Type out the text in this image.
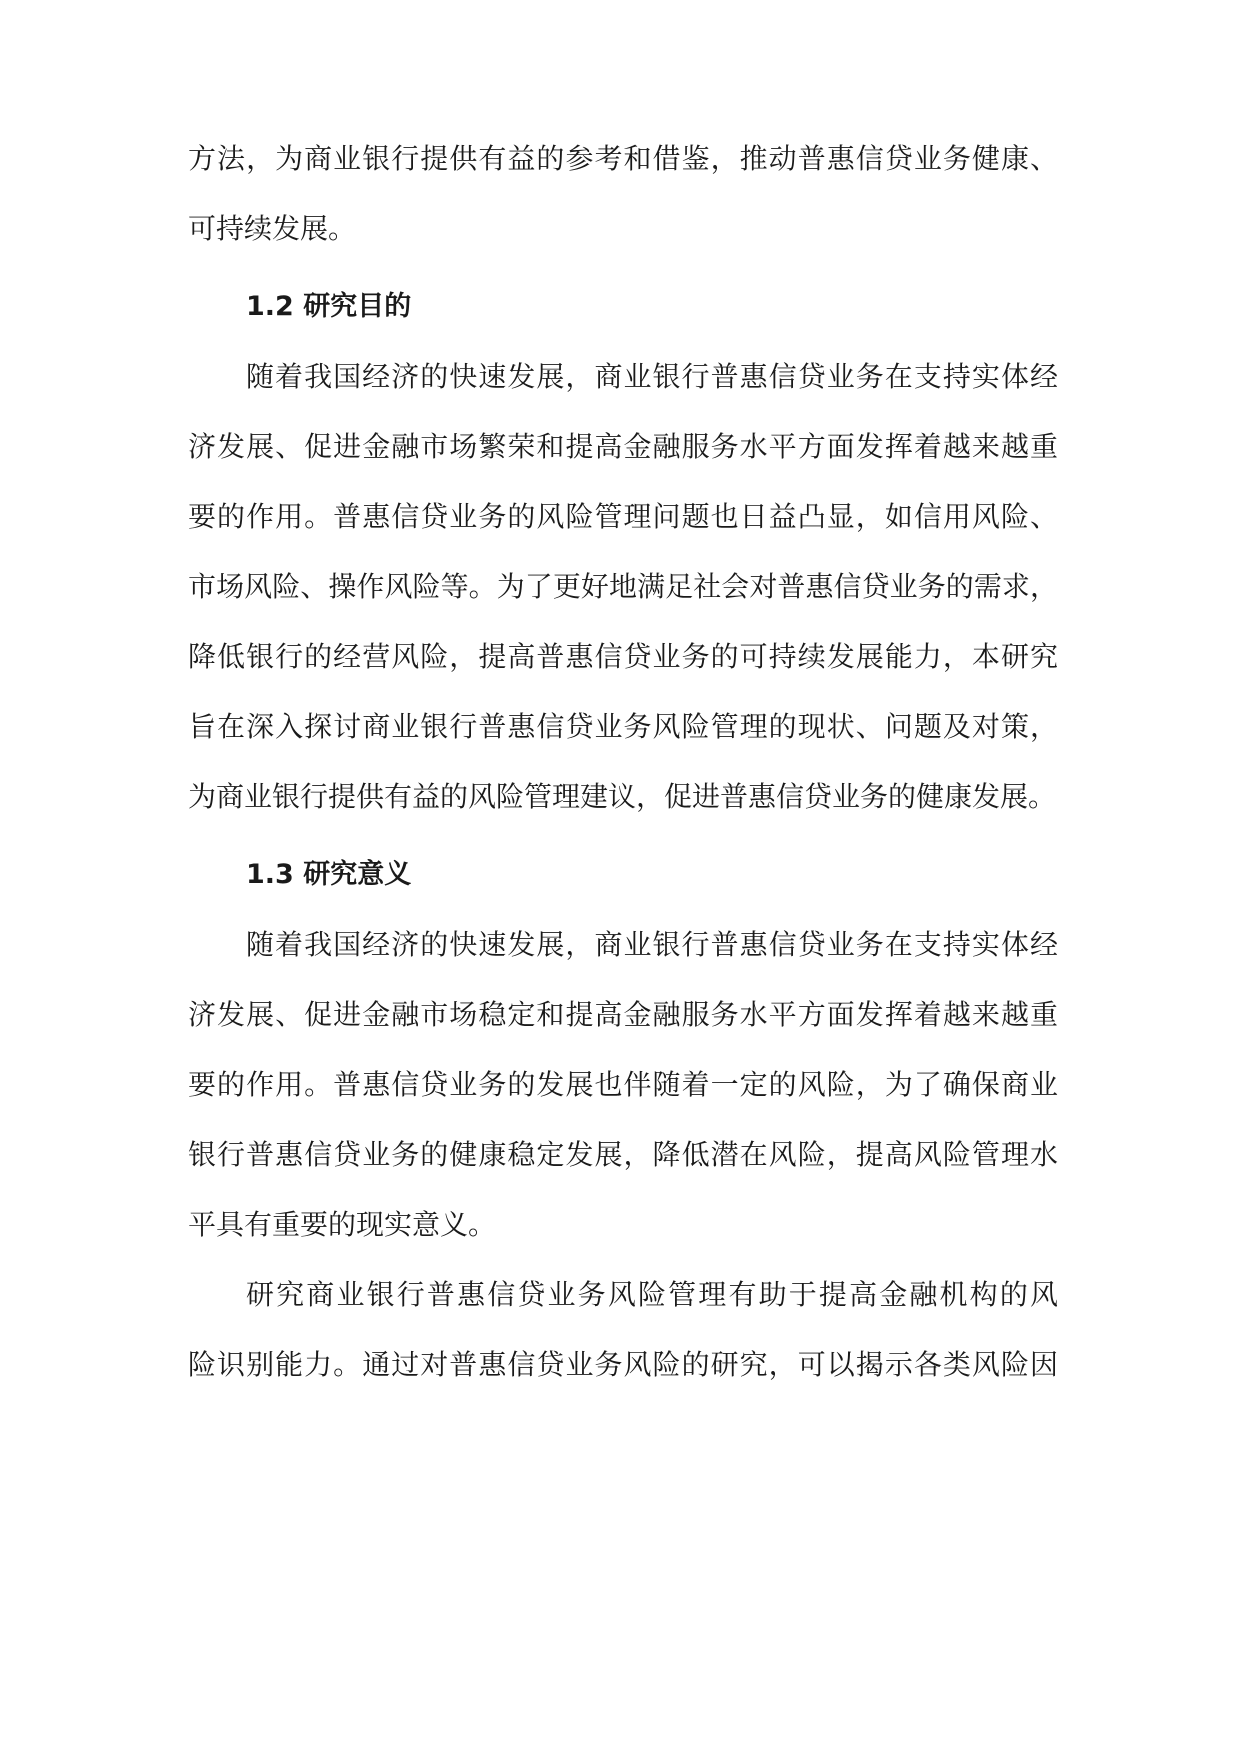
方法，为商业银行提供有益的参考和借鉴，推动普惠信贷业务健康、
可持续发展。
1.2 研究目的
随着我国经济的快速发展，商业银行普惠信贷业务在支持实体经
济发展、促进金融市场繁荣和提高金融服务水平方面发挥着越来越重
要的作用。普惠信贷业务的风险管理问题也日益凸显，如信用风险、
市场风险、操作风险等。为了更好地满足社会对普惠信贷业务的需求，
降低银行的经营风险，提高普惠信贷业务的可持续发展能力，本研究
旨在深入探讨商业银行普惠信贷业务风险管理的现状、问题及对策，
为商业银行提供有益的风险管理建议，促进普惠信贷业务的健康发展。
1.3 研究意义
随着我国经济的快速发展，商业银行普惠信贷业务在支持实体经
济发展、促进金融市场稳定和提高金融服务水平方面发挥着越来越重
要的作用。普惠信贷业务的发展也伴随着一定的风险，为了确保商业
银行普惠信贷业务的健康稳定发展，降低潜在风险，提高风险管理水
平具有重要的现实意义。
研究商业银行普惠信贷业务风险管理有助于提高金融机构的风
险识别能力。通过对普惠信贷业务风险的研究，可以揭示各类风险因
